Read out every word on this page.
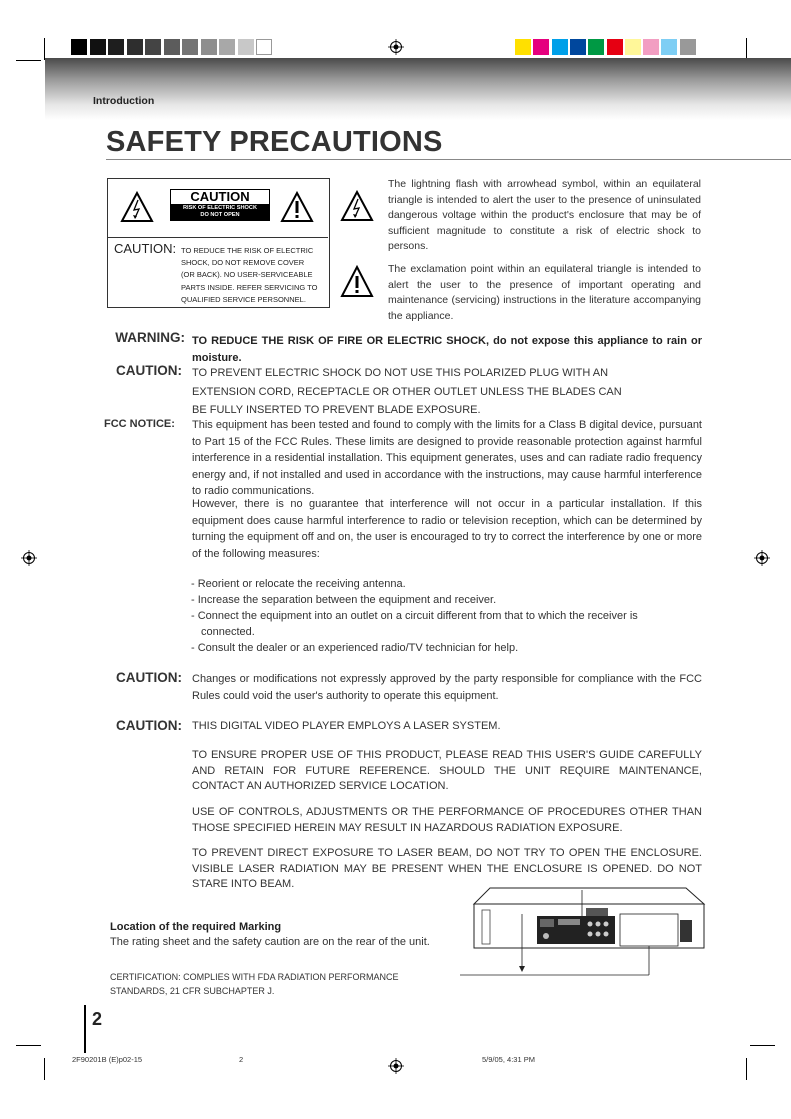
Introduction
SAFETY PRECAUTIONS
CAUTION
RISK OF ELECTRIC SHOCK
DO NOT OPEN
CAUTION: TO REDUCE THE RISK OF ELECTRIC
SHOCK, DO NOT REMOVE COVER
(OR BACK). NO USER-SERVICEABLE
PARTS INSIDE. REFER SERVICING TO
QUALIFIED SERVICE PERSONNEL.
The lightning flash with arrowhead symbol, within an equilateral triangle is intended to alert the user to the presence of uninsulated dangerous voltage within the product's enclosure that may be of sufficient magnitude to constitute a risk of electric shock to persons.
The exclamation point within an equilateral triangle is intended to alert the user to the presence of important operating and maintenance (servicing) instructions in the literature accompanying the appliance.
WARNING: TO REDUCE THE RISK OF FIRE OR ELECTRIC SHOCK, do not expose this appliance to rain or moisture.
CAUTION: TO PREVENT ELECTRIC SHOCK DO NOT USE THIS POLARIZED PLUG WITH AN
EXTENSION CORD, RECEPTACLE OR OTHER OUTLET UNLESS THE BLADES CAN
BE FULLY INSERTED TO PREVENT BLADE EXPOSURE.
FCC NOTICE: This equipment has been tested and found to comply with the limits for a Class B digital device, pursuant to Part 15 of the FCC Rules. These limits are designed to provide reasonable protection against harmful interference in a residential installation. This equipment generates, uses and can radiate radio frequency energy and, if not installed and used in accordance with the instructions, may cause harmful interference to radio communications.
However, there is no guarantee that interference will not occur in a particular installation. If this equipment does cause harmful interference to radio or television reception, which can be determined by turning the equipment off and on, the user is encouraged to try to correct the interference by one or more of the following measures:
- Reorient or relocate the receiving antenna.
- Increase the separation between the equipment and receiver.
- Connect the equipment into an outlet on a circuit different from that to which the receiver is connected.
- Consult the dealer or an experienced radio/TV technician for help.
CAUTION: Changes or modifications not expressly approved by the party responsible for compliance with the FCC Rules could void the user's authority to operate this equipment.
CAUTION: THIS DIGITAL VIDEO PLAYER EMPLOYS A LASER SYSTEM.
TO ENSURE PROPER USE OF THIS PRODUCT, PLEASE READ THIS USER'S GUIDE CAREFULLY AND RETAIN FOR FUTURE REFERENCE. SHOULD THE UNIT REQUIRE MAINTENANCE, CONTACT AN AUTHORIZED SERVICE LOCATION.
USE OF CONTROLS, ADJUSTMENTS OR THE PERFORMANCE OF PROCEDURES OTHER THAN THOSE SPECIFIED HEREIN MAY RESULT IN HAZARDOUS RADIATION EXPOSURE.
TO PREVENT DIRECT EXPOSURE TO LASER BEAM, DO NOT TRY TO OPEN THE ENCLOSURE. VISIBLE LASER RADIATION MAY BE PRESENT WHEN THE ENCLOSURE IS OPENED. DO NOT STARE INTO BEAM.
Location of the required Marking
The rating sheet and the safety caution are on the rear of the unit.
CERTIFICATION: COMPLIES WITH FDA RADIATION PERFORMANCE
STANDARDS, 21 CFR SUBCHAPTER J.
2
2F90201B (E)p02-15	2	5/9/05, 4:31 PM
